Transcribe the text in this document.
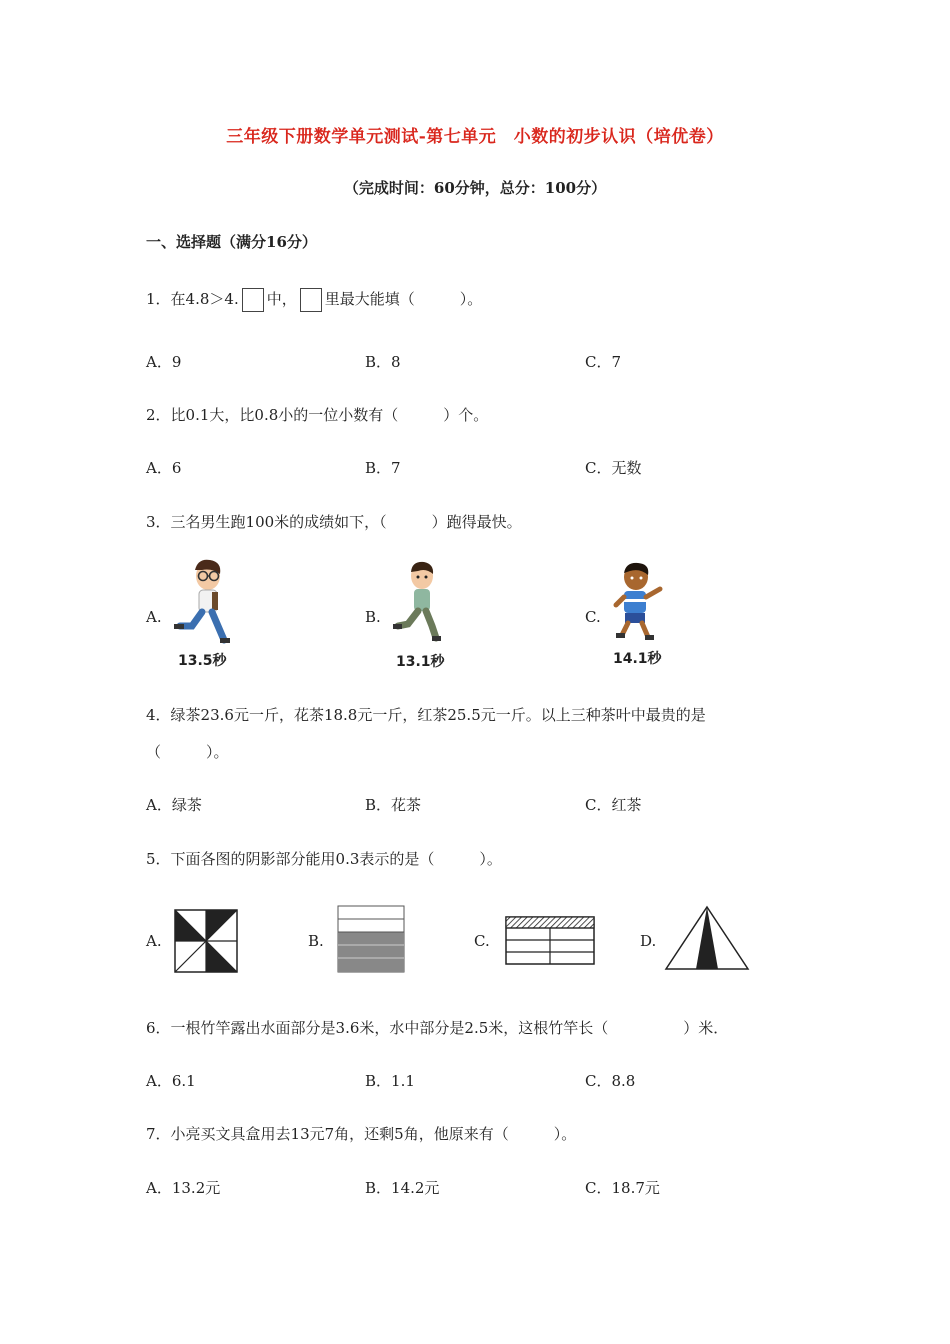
三年级下册数学单元测试-第七单元　小数的初步认识（培优卷）
（完成时间：60分钟，总分：100分）
一、选择题（满分16分）
1．在4.8＞4. 中， 里最大能填（　　　）。
A．9	B．8	C．7
2．比0.1大，比0.8小的一位小数有（　　　）个。
A．6	B．7	C．无数
3．三名男生跑100米的成绩如下，（　　　）跑得最快。
A.	B.	C.
13.5秒	13.1秒	14.1秒
4．绿茶23.6元一斤，花茶18.8元一斤，红茶25.5元一斤。以上三种茶叶中最贵的是
（　　　）。
A．绿茶	B．花茶	C．红茶
5．下面各图的阴影部分能用0.3表示的是（　　　）。
A.	B.	C.	D.
6．一根竹竿露出水面部分是3.6米，水中部分是2.5米，这根竹竿长（　　　　　）米．
A．6.1	B．1.1	C．8.8
7．小亮买文具盒用去13元7角，还剩5角，他原来有（　　　）。
A．13.2元	B．14.2元	C．18.7元
